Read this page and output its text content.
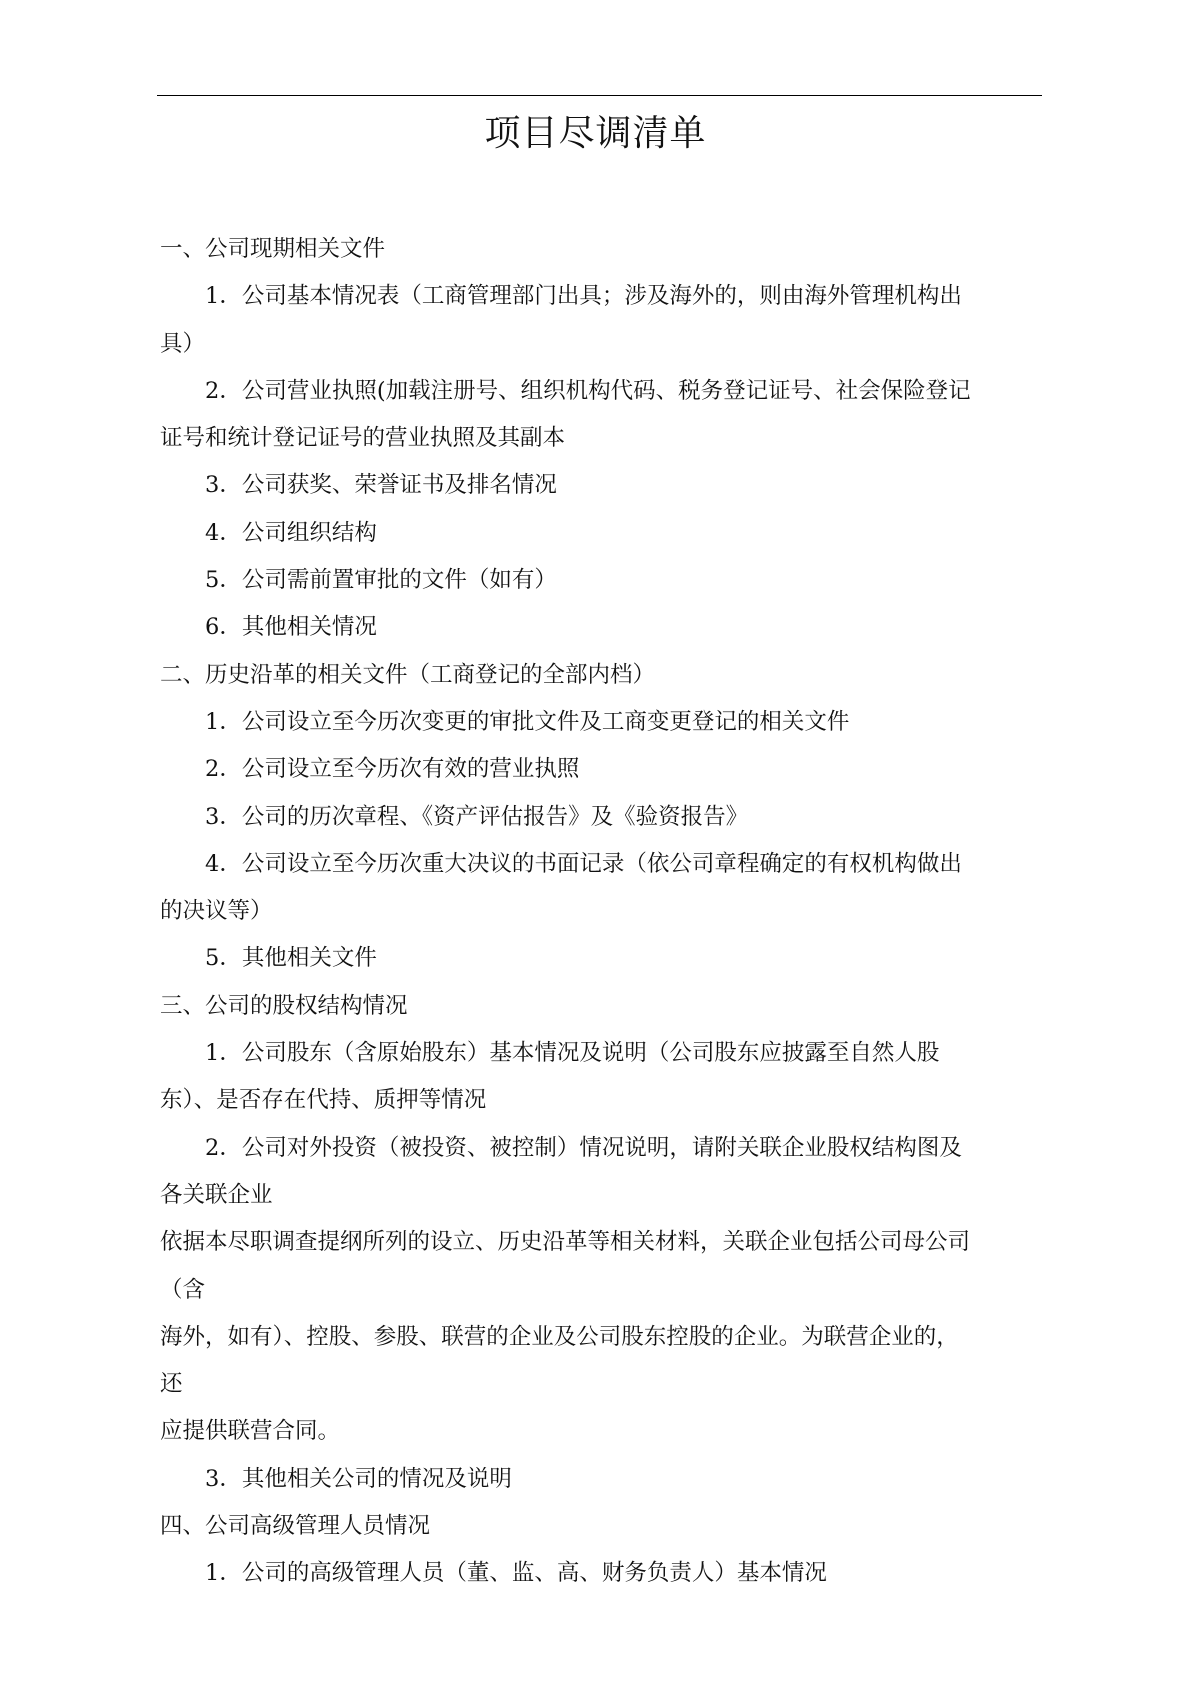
项目尽调清单
一、公司现期相关文件
1．公司基本情况表（工商管理部门出具；涉及海外的，则由海外管理机构出
具）
2．公司营业执照(加载注册号、组织机构代码、税务登记证号、社会保险登记
证号和统计登记证号的营业执照及其副本
3．公司获奖、荣誉证书及排名情况
4．公司组织结构
5．公司需前置审批的文件（如有）
6．其他相关情况
二、历史沿革的相关文件（工商登记的全部内档）
1．公司设立至今历次变更的审批文件及工商变更登记的相关文件
2．公司设立至今历次有效的营业执照
3．公司的历次章程、《资产评估报告》及《验资报告》
4．公司设立至今历次重大决议的书面记录（依公司章程确定的有权机构做出
的决议等）
5．其他相关文件
三、公司的股权结构情况
1．公司股东（含原始股东）基本情况及说明（公司股东应披露至自然人股
东）、是否存在代持、质押等情况
2．公司对外投资（被投资、被控制）情况说明，请附关联企业股权结构图及
各关联企业
依据本尽职调查提纲所列的设立、历史沿革等相关材料，关联企业包括公司母公司
（含
海外，如有）、控股、参股、联营的企业及公司股东控股的企业。为联营企业的，
还
应提供联营合同。
3．其他相关公司的情况及说明
四、公司高级管理人员情况
1．公司的高级管理人员（董、监、高、财务负责人）基本情况
